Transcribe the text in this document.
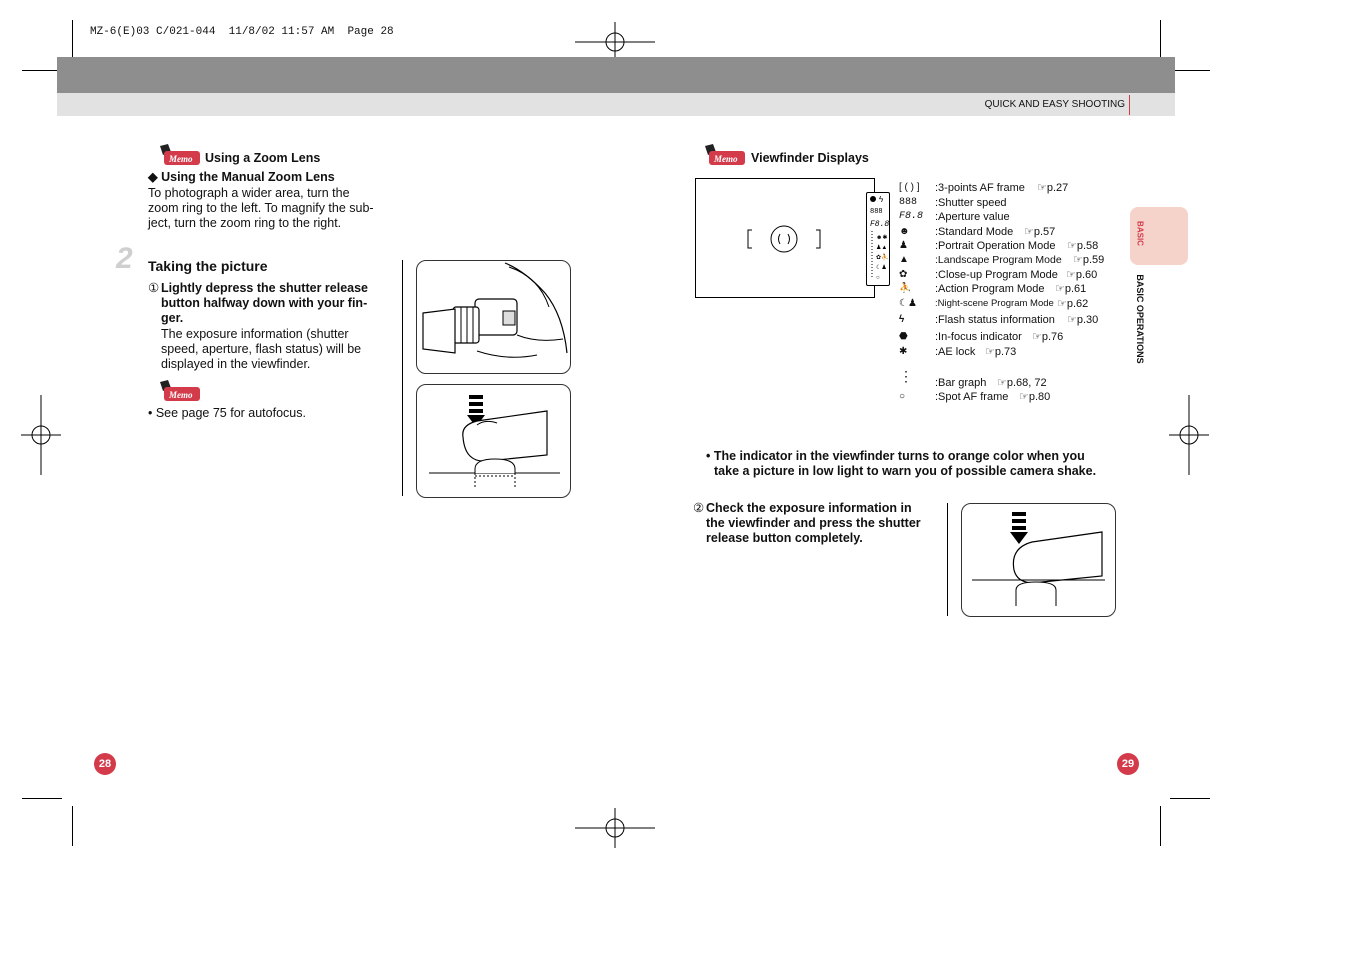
MZ-6(E)03 C/021-044  11/8/02 11:57 AM  Page 28
QUICK AND EASY SHOOTING
BASIC
BASIC OPERATIONS
Memo Using a Zoom Lens
◆ Using the Manual Zoom Lens
To photograph a wider area, turn the
zoom ring to the left. To magnify the sub-
ject, turn the zoom ring to the right.
2 Taking the picture
① Lightly depress the shutter release
button halfway down with your fin-
ger.
The exposure information (shutter
speed, aperture, flash status) will be
displayed in the viewfinder.
Memo
• See page 75 for autofocus.
28
Memo Viewfinder Displays
ϟ
888
F8.8
☻✱
♟▲
✿⛹
☾♟
○
[ ( ) ]	:3-points AF frame ☞p.27
888	:Shutter speed
F8.8	:Aperture value
☻	:Standard Mode ☞p.57
♟	:Portrait Operation Mode ☞p.58
▲	:Landscape Program Mode ☞p.59
✿	:Close-up Program Mode ☞p.60
⛹	:Action Program Mode ☞p.61
☾♟	:Night-scene Program Mode ☞p.62
ϟ	:Flash status information ☞p.30
⬣	:In-focus indicator ☞p.76
✱	:AE lock ☞p.73
⋮	:Bar graph ☞p.68, 72
○	:Spot AF frame ☞p.80
• The indicator in the viewfinder turns to orange color when you
take a picture in low light to warn you of possible camera shake.
② Check the exposure information in
the viewfinder and press the shutter
release button completely.
29
